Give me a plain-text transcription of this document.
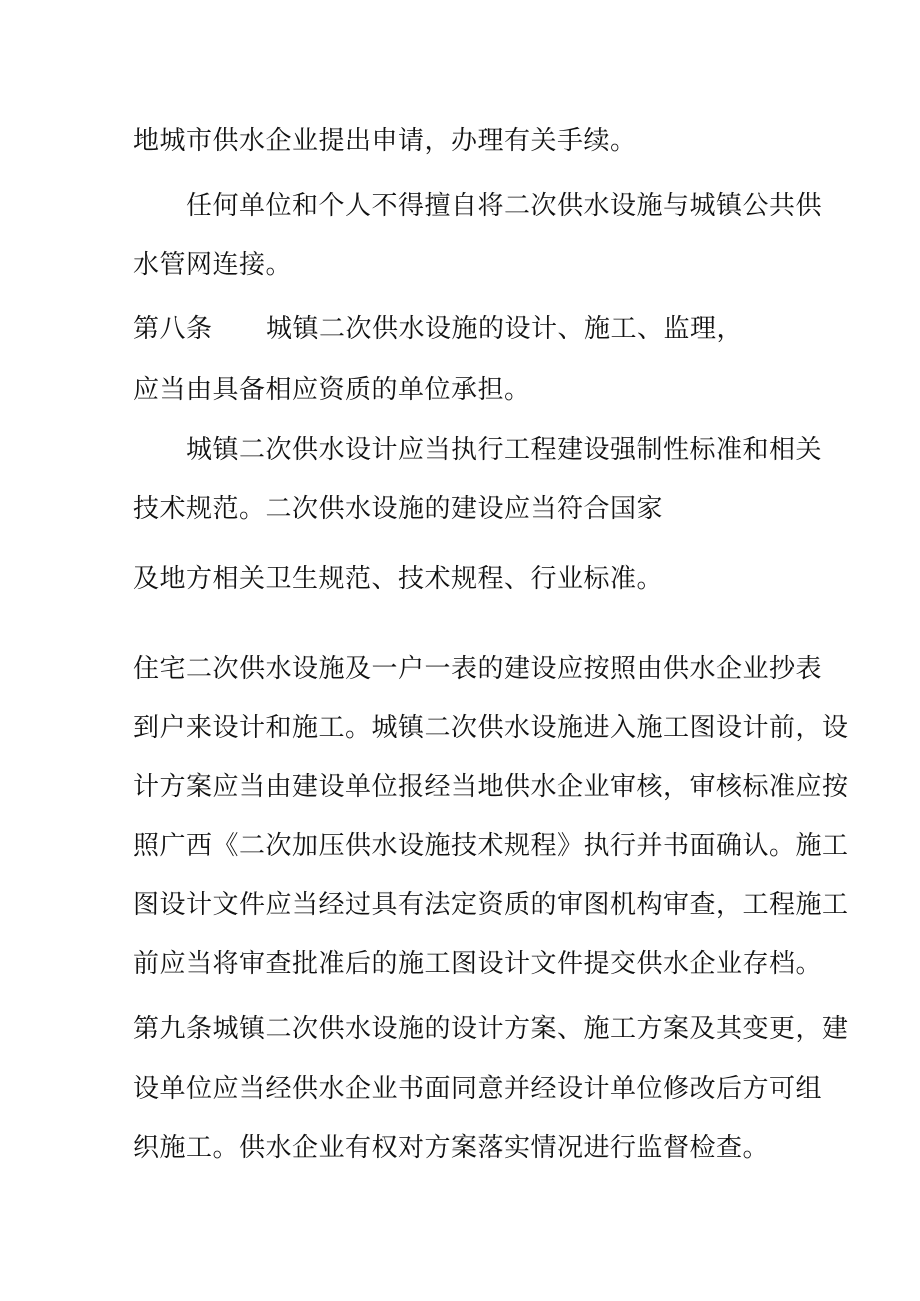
地城市供水企业提出申请，办理有关手续。
任何单位和个人不得擅自将二次供水设施与城镇公共供
水管网连接。
第八条 城镇二次供水设施的设计、施工、监理，
应当由具备相应资质的单位承担。
城镇二次供水设计应当执行工程建设强制性标准和相关
技术规范。二次供水设施的建设应当符合国家
及地方相关卫生规范、技术规程、行业标准。
住宅二次供水设施及一户一表的建设应按照由供水企业抄表
到户来设计和施工。城镇二次供水设施进入施工图设计前，设
计方案应当由建设单位报经当地供水企业审核，审核标准应按
照广西《二次加压供水设施技术规程》执行并书面确认。施工
图设计文件应当经过具有法定资质的审图机构审查，工程施工
前应当将审查批准后的施工图设计文件提交供水企业存档。
第九条城镇二次供水设施的设计方案、施工方案及其变更，建
设单位应当经供水企业书面同意并经设计单位修改后方可组
织施工。供水企业有权对方案落实情况进行监督检查。
